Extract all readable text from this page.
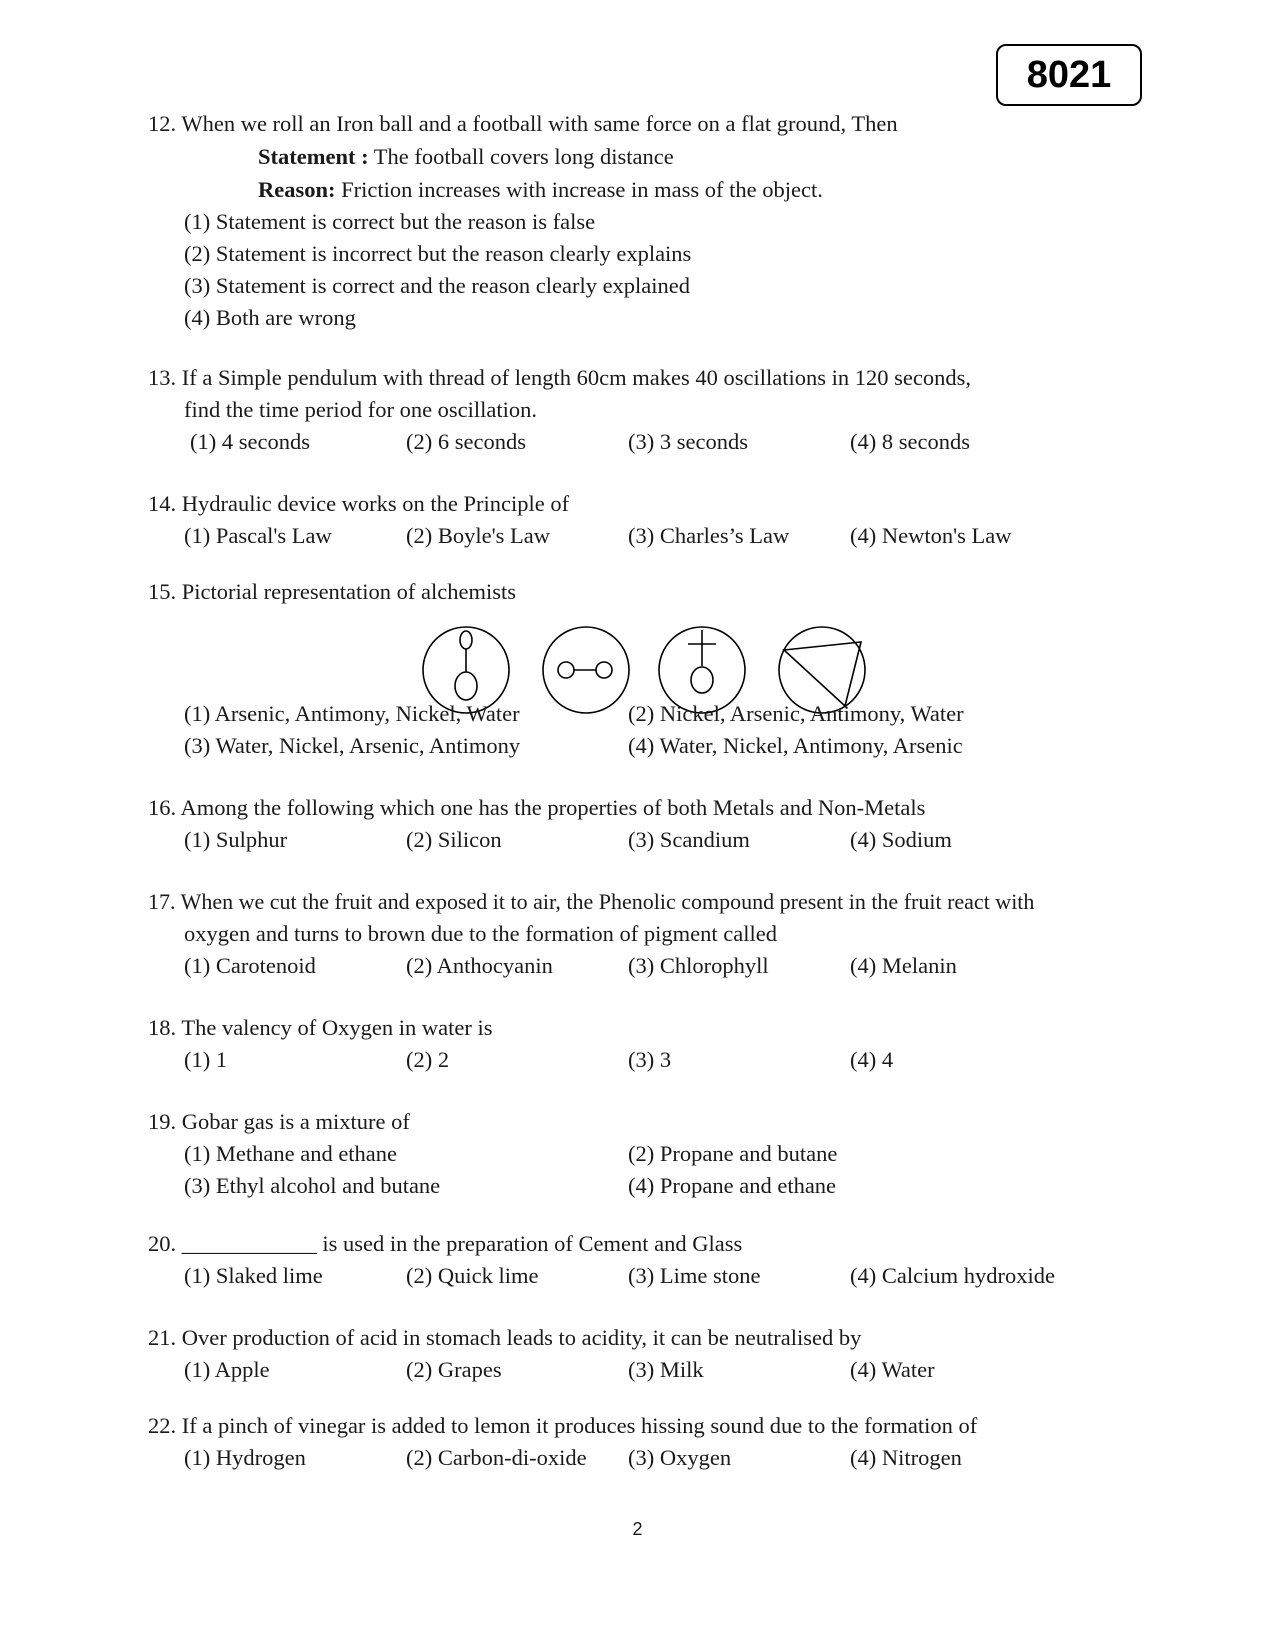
8021
12. When we roll an Iron ball and a football with same force on a flat ground, Then
Statement : The football covers long distance
Reason: Friction increases with increase in mass of the object.
(1) Statement is correct but the reason is false
(2) Statement is incorrect but the reason clearly explains
(3) Statement is correct and the reason clearly explained
(4) Both are wrong
13. If a Simple pendulum with thread of length 60cm makes 40 oscillations in 120 seconds,
find the time period for one oscillation.
(1) 4 seconds	(2) 6 seconds	(3) 3 seconds	(4) 8 seconds
14. Hydraulic device works on the Principle of
(1) Pascal's Law	(2) Boyle's Law	(3) Charles’s Law	(4) Newton's Law
15. Pictorial representation of alchemists
(1) Arsenic, Antimony, Nickel, Water	(2) Nickel, Arsenic, Antimony, Water
(3) Water, Nickel, Arsenic, Antimony	(4) Water, Nickel, Antimony, Arsenic
16. Among the following which one has the properties of both Metals and Non-Metals
(1) Sulphur	(2) Silicon	(3) Scandium	(4) Sodium
17. When we cut the fruit and exposed it to air, the Phenolic compound present in the fruit react with
oxygen and turns to brown due to the formation of pigment called
(1) Carotenoid	(2) Anthocyanin	(3) Chlorophyll	(4) Melanin
18. The valency of Oxygen in water is
(1) 1	(2) 2	(3) 3	(4) 4
19. Gobar gas is a mixture of
(1) Methane and ethane	(2) Propane and butane
(3) Ethyl alcohol and butane	(4) Propane and ethane
20. ____________ is used in the preparation of Cement and Glass
(1) Slaked lime	(2) Quick lime	(3) Lime stone	(4) Calcium hydroxide
21. Over production of acid in stomach leads to acidity, it can be neutralised by
(1) Apple	(2) Grapes	(3) Milk	(4) Water
22. If a pinch of vinegar is added to lemon it produces hissing sound due to the formation of
(1) Hydrogen	(2) Carbon-di-oxide (3) Oxygen	(4) Nitrogen
2
